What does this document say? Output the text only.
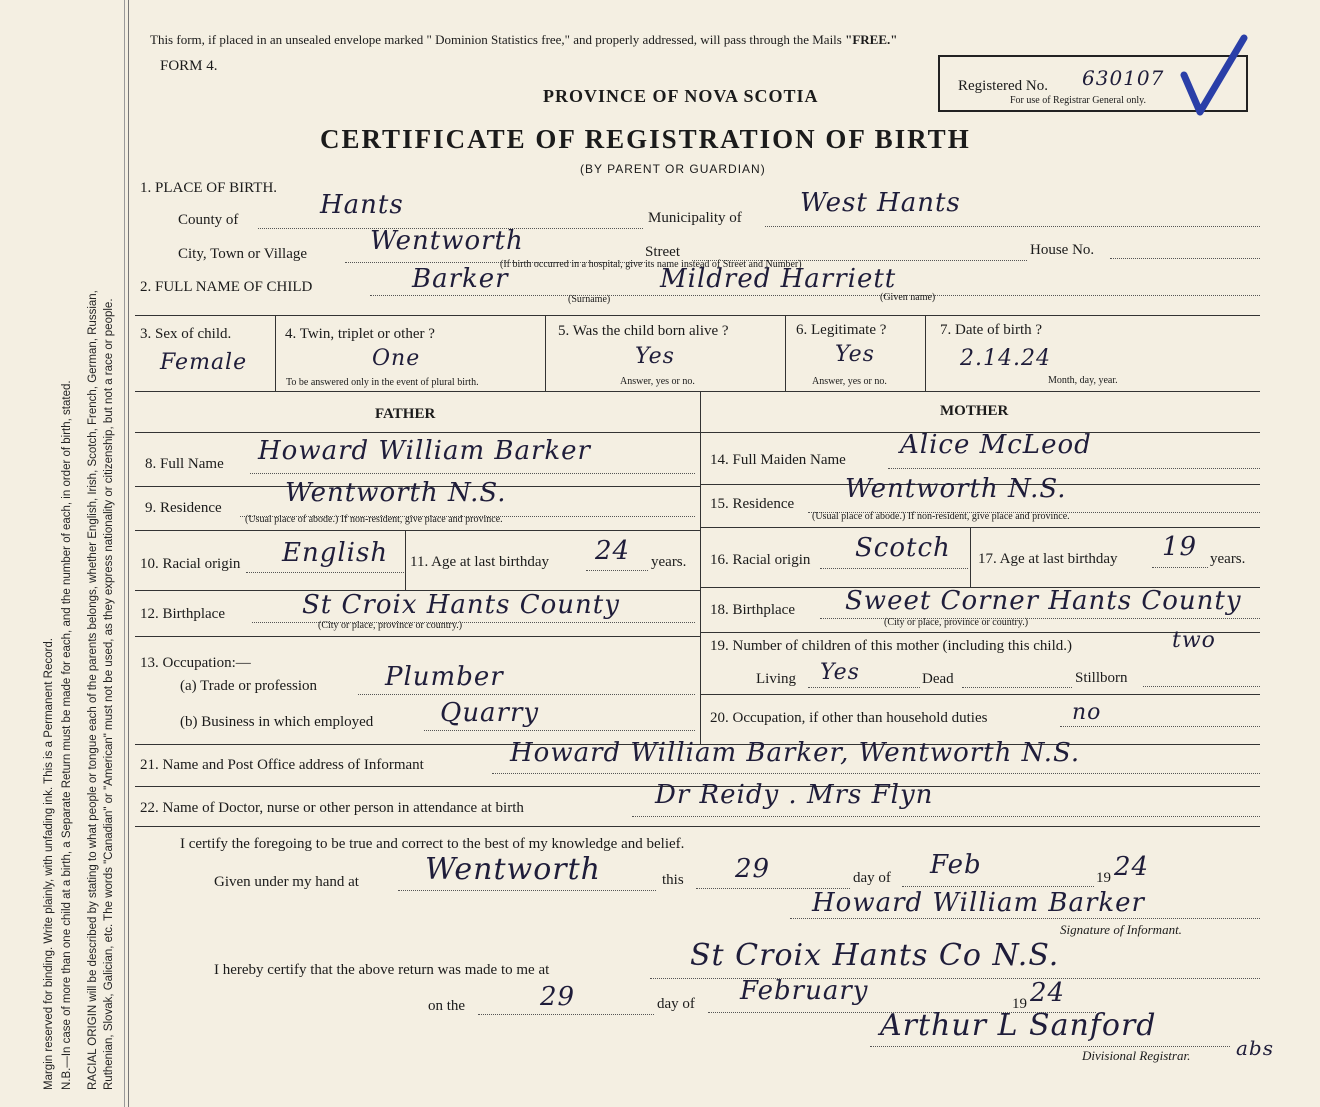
Margin reserved for binding. Write plainly, with unfading ink. This is a Permanent Record. N.B.—In case of more than one child at a birth, a Separate Return must be made for each, and the number of each, in order of birth, stated. RACIAL ORIGIN will be described by stating to what people or tongue each of the parents belongs, whether English, Irish, Scotch, French, German, Russian, Ruthenian, Slovak, Galician, etc. The words "Canadian" or "American" must not be used, as they express nationality or citizenship, but not a race or people.
This form, if placed in an unsealed envelope marked " Dominion Statistics free," and properly addressed, will pass through the Mails "FREE."
FORM 4.
PROVINCE OF NOVA SCOTIA
CERTIFICATE OF REGISTRATION OF BIRTH
(BY PARENT OR GUARDIAN)
Registered No. 630107
For use of Registrar General only.
1. PLACE OF BIRTH.
County of	Hants	Municipality of West Hants
City, Town or Village Wentworth	Street	House No.
(If birth occurred in a hospital, give its name instead of Street and Number)
2. FULL NAME OF CHILD	Barker
(Surname)
Mildred Harriett
(Given name)
3. Sex of child.
Female
4. Twin, triplet or other ?
One
To be answered only in the event of plural birth.
5. Was the child born alive ?
Yes
Answer, yes or no.
6. Legitimate ?
Yes
Answer, yes or no.
7. Date of birth ?
2.14.24
Month, day, year.
FATHER	MOTHER
8. Full Name Howard William Barker
9. Residence Wentworth N.S.
(Usual place of abode.) If non-resident, give place and province.
10. Racial origin English 11. Age at last birthday 24 years.
12. Birthplace	St Croix Hants County
(City or place, province or country.)
13. Occupation:—
(a) Trade or profession	Plumber
(b) Business in which employed	Quarry
14. Full Maiden Name Alice McLeod
15. Residence Wentworth N.S.
(Usual place of abode.) If non-resident, give place and province.
16. Racial origin Scotch 17. Age at last birthday 19 years.
18. Birthplace Sweet Corner Hants County
(City or place, province or country.)
19. Number of children of this mother (including this child.)	two
Living Yes	Dead	Stillborn
20. Occupation, if other than household duties	no
21. Name and Post Office address of Informant	Howard William Barker, Wentworth N.S.
22. Name of Doctor, nurse or other person in attendance at birth	Dr Reidy . Mrs Flyn
I certify the foregoing to be true and correct to the best of my knowledge and belief.
Given under my hand at Wentworth	this 29	day of Feb	19 24
Howard William Barker
Signature of Informant.
I hereby certify that the above return was made to me at	St Croix Hants Co N.S.
on the	29	day of February	19 24
Arthur L Sanford
Divisional Registrar. abs
